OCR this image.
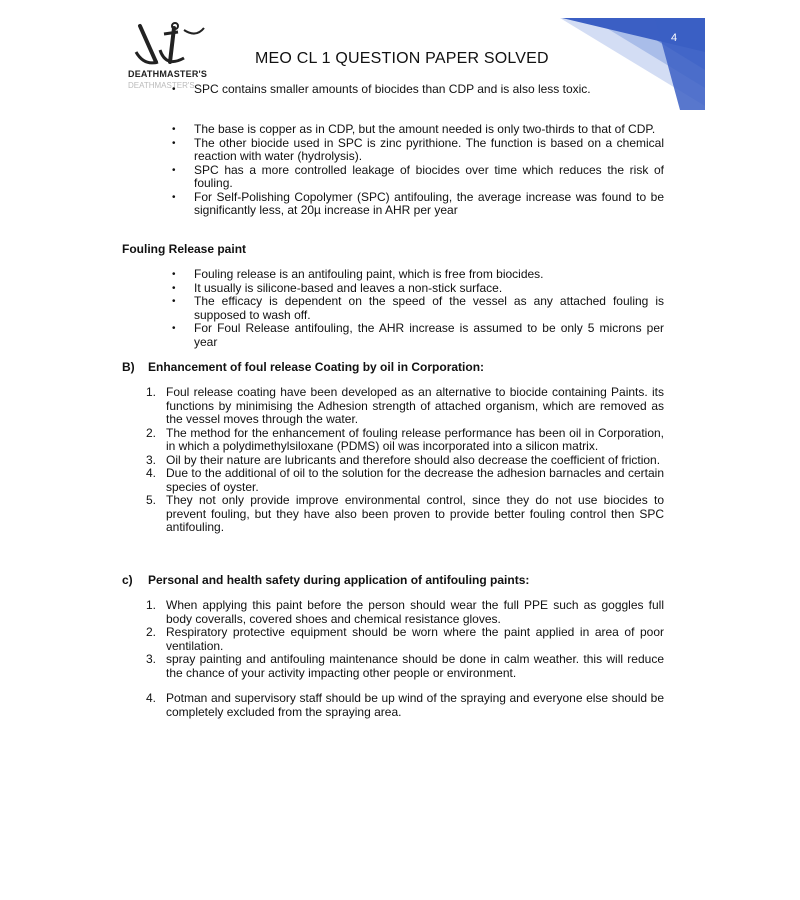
DEATHMASTER'S
DEATHMASTER'S
MEO CL 1 QUESTION PAPER SOLVED
4
• SPC contains smaller amounts of biocides than CDP and is also less toxic.
• The base is copper as in CDP, but the amount needed is only two-thirds to that of CDP.
• The other biocide used in SPC is zinc pyrithione. The function is based on a chemical reaction with water (hydrolysis).
• SPC has a more controlled leakage of biocides over time which reduces the risk of fouling.
• For Self-Polishing Copolymer (SPC) antifouling, the average increase was found to be significantly less, at 20µ increase in AHR per year
Fouling Release paint
• Fouling release is an antifouling paint, which is free from biocides.
• It usually is silicone-based and leaves a non-stick surface.
• The efficacy is dependent on the speed of the vessel as any attached fouling is supposed to wash off.
• For Foul Release antifouling, the AHR increase is assumed to be only 5 microns per year
B) Enhancement of foul release Coating by oil in Corporation:
1. Foul release coating have been developed as an alternative to biocide containing Paints. its functions by minimising the Adhesion strength of attached organism, which are removed as the vessel moves through the water.
2. The method for the enhancement of fouling release performance has been oil in Corporation, in which a polydimethylsiloxane (PDMS) oil was incorporated into a silicon matrix.
3. Oil by their nature are lubricants and therefore should also decrease the coefficient of friction.
4. Due to the additional of oil to the solution for the decrease the adhesion barnacles and certain species of oyster.
5. They not only provide improve environmental control, since they do not use biocides to prevent fouling, but they have also been proven to provide better fouling control then SPC antifouling.
c) Personal and health safety during application of antifouling paints:
1. When applying this paint before the person should wear the full PPE such as goggles full body coveralls, covered shoes and chemical resistance gloves.
2. Respiratory protective equipment should be worn where the paint applied in area of poor ventilation.
3. spray painting and antifouling maintenance should be done in calm weather. this will reduce the chance of your activity impacting other people or environment.
4. Potman and supervisory staff should be up wind of the spraying and everyone else should be completely excluded from the spraying area.
